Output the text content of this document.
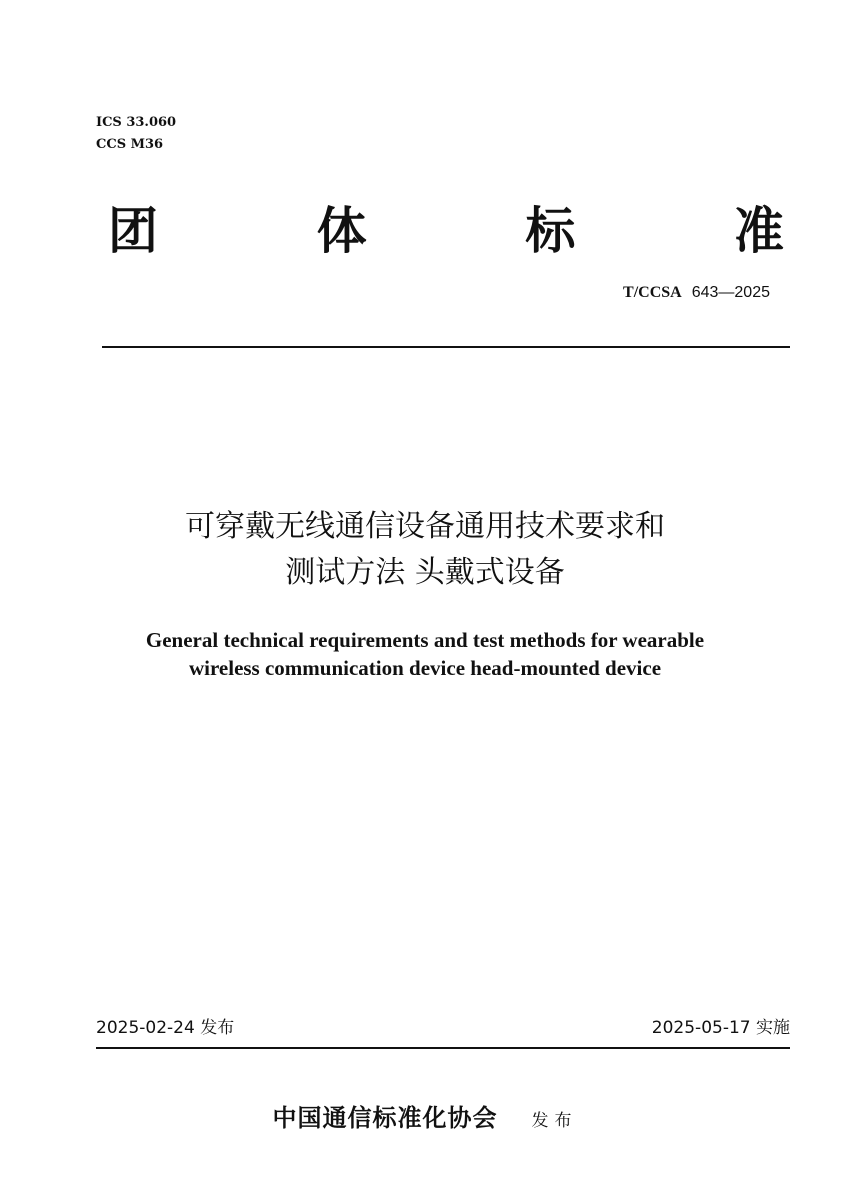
ICS 33.060
CCS M36
团	体	标	准
T/CCSA 643—2025
可穿戴无线通信设备通用技术要求和
测试方法 头戴式设备
General technical requirements and test methods for wearable
wireless communication device head-mounted device
2025-02-24 发布	2025-05-17 实施
中国通信标准化协会 发布
